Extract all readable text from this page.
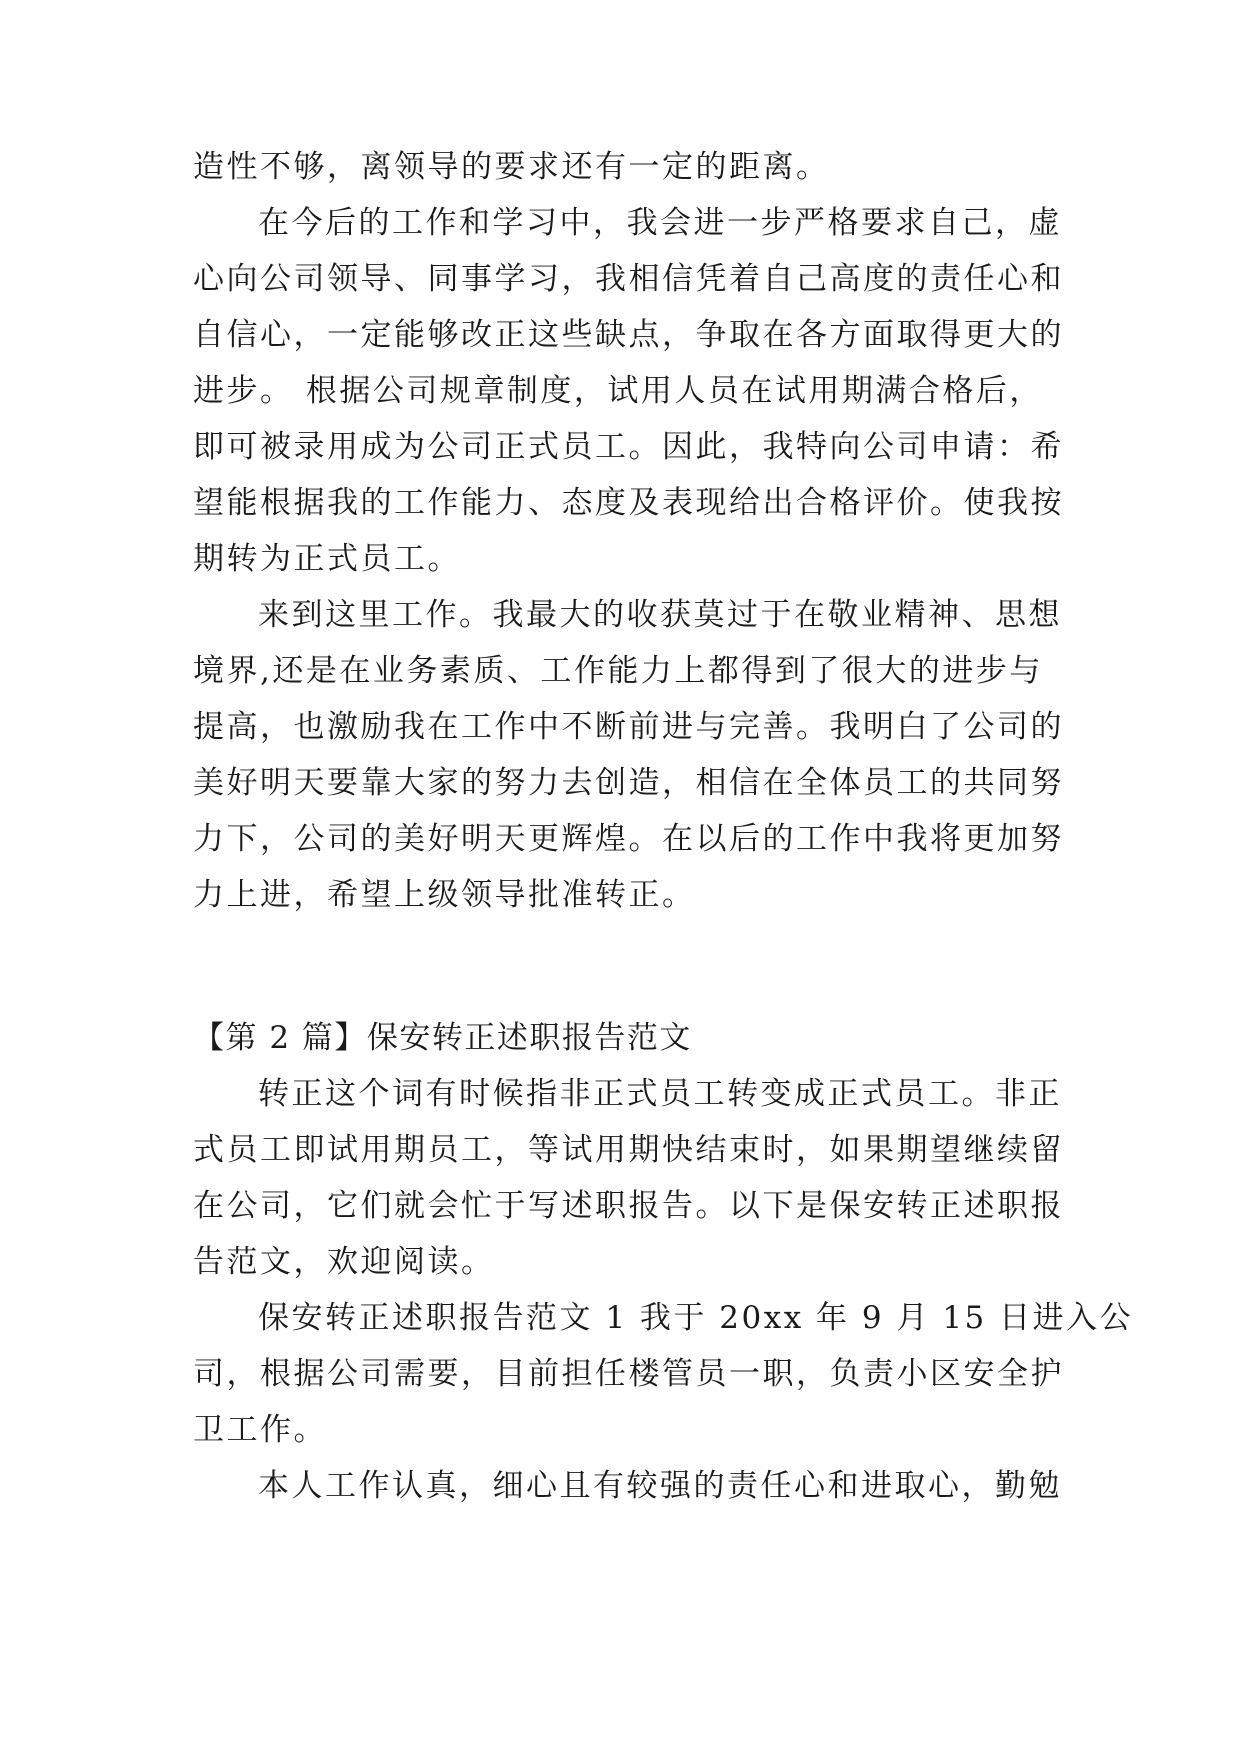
造性不够，离领导的要求还有一定的距离。
在今后的工作和学习中，我会进一步严格要求自己，虚
心向公司领导、同事学习，我相信凭着自己高度的责任心和
自信心，一定能够改正这些缺点，争取在各方面取得更大的
进步。 根据公司规章制度，试用人员在试用期满合格后，
即可被录用成为公司正式员工。因此，我特向公司申请：希
望能根据我的工作能力、态度及表现给出合格评价。使我按
期转为正式员工。
来到这里工作。我最大的收获莫过于在敬业精神、思想
境界,还是在业务素质、工作能力上都得到了很大的进步与
提高，也激励我在工作中不断前进与完善。我明白了公司的
美好明天要靠大家的努力去创造，相信在全体员工的共同努
力下，公司的美好明天更辉煌。在以后的工作中我将更加努
力上进，希望上级领导批准转正。
【第 2 篇】保安转正述职报告范文
转正这个词有时候指非正式员工转变成正式员工。非正
式员工即试用期员工，等试用期快结束时，如果期望继续留
在公司，它们就会忙于写述职报告。以下是保安转正述职报
告范文，欢迎阅读。
保安转正述职报告范文 1 我于 20xx 年 9 月 15 日进入公
司，根据公司需要，目前担任楼管员一职，负责小区安全护
卫工作。
本人工作认真，细心且有较强的责任心和进取心，勤勉
